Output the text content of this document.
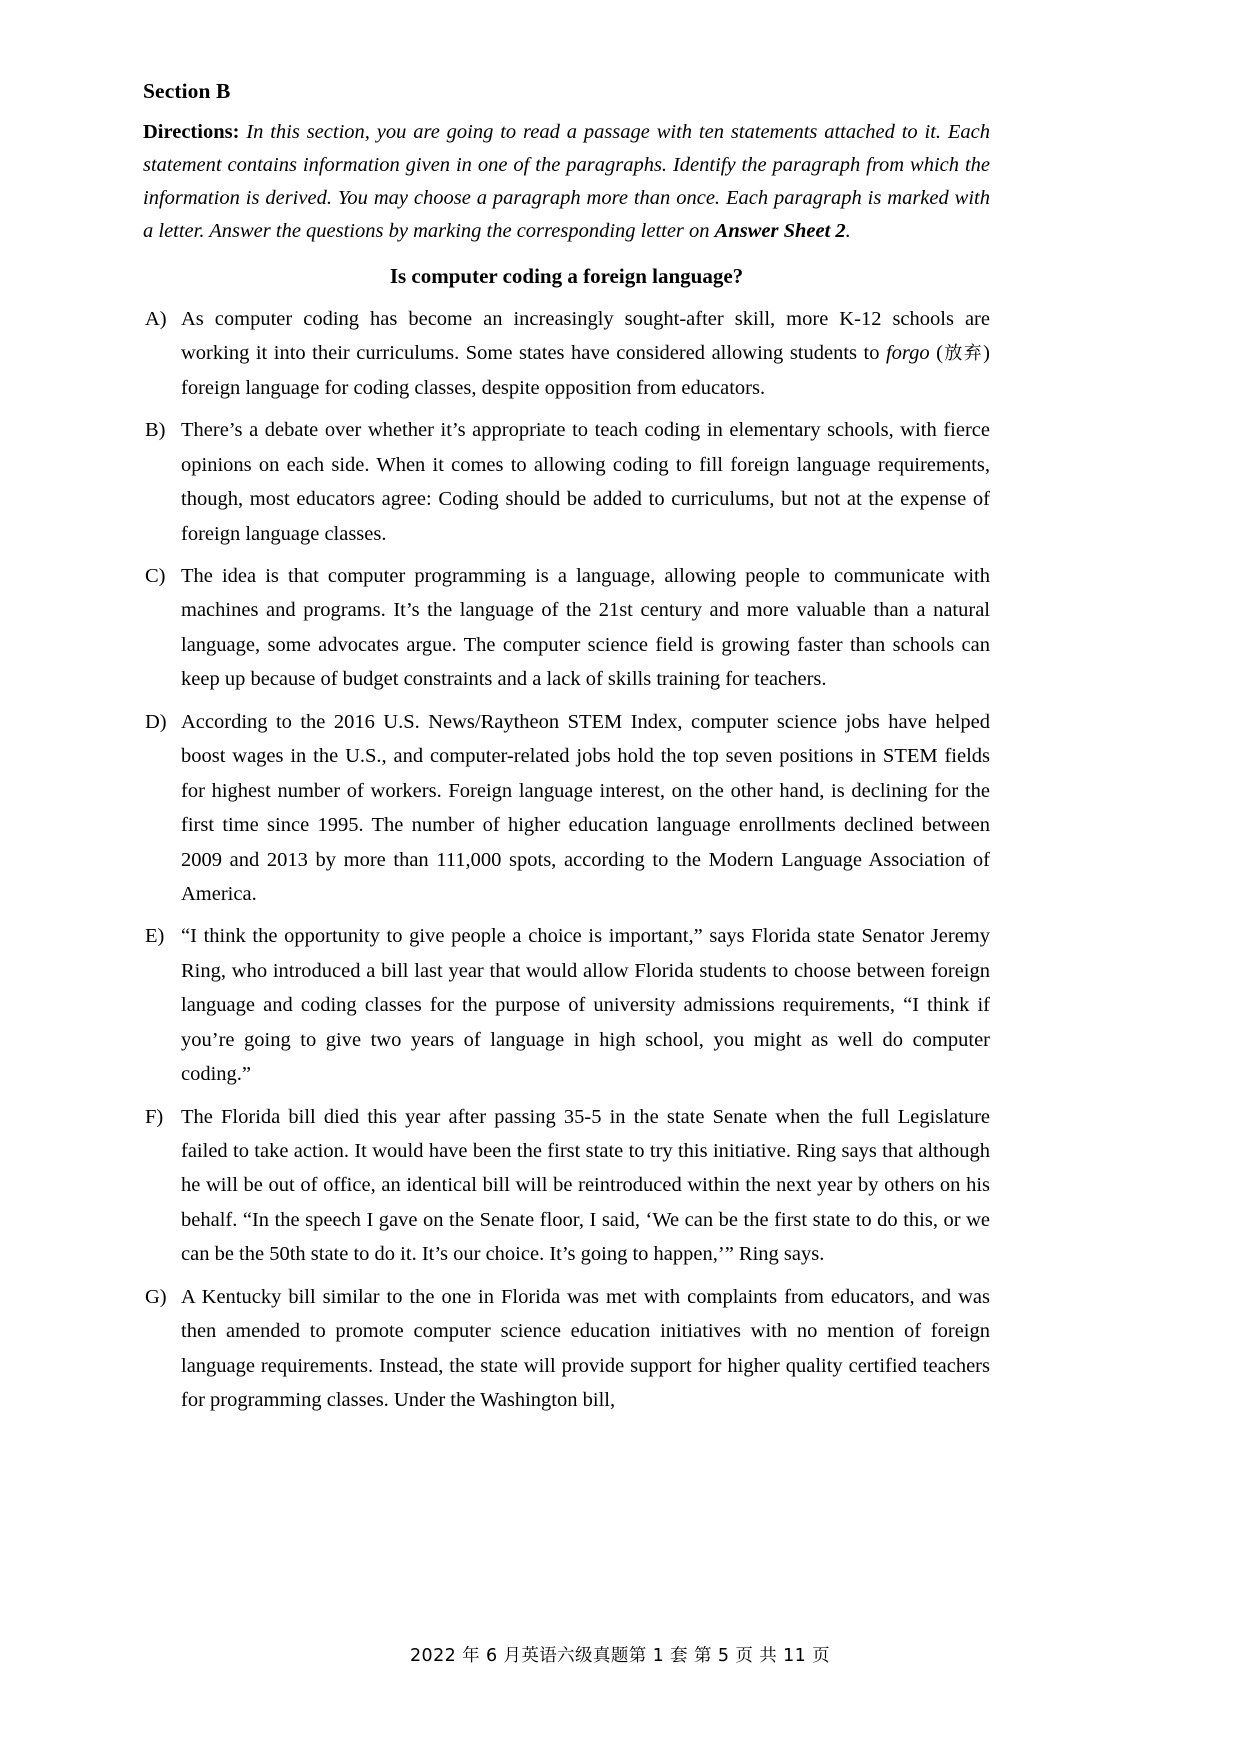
Section B

Directions: In this section, you are going to read a passage with ten statements attached to it. Each statement contains information given in one of the paragraphs. Identify the paragraph from which the information is derived. You may choose a paragraph more than once. Each paragraph is marked with a letter. Answer the questions by marking the corresponding letter on Answer Sheet 2.

Is computer coding a foreign language?
A) As computer coding has become an increasingly sought-after skill, more K-12 schools are working it into their curriculums. Some states have considered allowing students to forgo (放弃) foreign language for coding classes, despite opposition from educators.
B) There’s a debate over whether it’s appropriate to teach coding in elementary schools, with fierce opinions on each side. When it comes to allowing coding to fill foreign language requirements, though, most educators agree: Coding should be added to curriculums, but not at the expense of foreign language classes.
C) The idea is that computer programming is a language, allowing people to communicate with machines and programs. It’s the language of the 21st century and more valuable than a natural language, some advocates argue. The computer science field is growing faster than schools can keep up because of budget constraints and a lack of skills training for teachers.
D) According to the 2016 U.S. News/Raytheon STEM Index, computer science jobs have helped boost wages in the U.S., and computer-related jobs hold the top seven positions in STEM fields for highest number of workers. Foreign language interest, on the other hand, is declining for the first time since 1995. The number of higher education language enrollments declined between 2009 and 2013 by more than 111,000 spots, according to the Modern Language Association of America.
E) “I think the opportunity to give people a choice is important,” says Florida state Senator Jeremy Ring, who introduced a bill last year that would allow Florida students to choose between foreign language and coding classes for the purpose of university admissions requirements, “I think if you’re going to give two years of language in high school, you might as well do computer coding.”
F) The Florida bill died this year after passing 35-5 in the state Senate when the full Legislature failed to take action. It would have been the first state to try this initiative. Ring says that although he will be out of office, an identical bill will be reintroduced within the next year by others on his behalf. “In the speech I gave on the Senate floor, I said, ‘We can be the first state to do this, or we can be the 50th state to do it. It’s our choice. It’s going to happen,’” Ring says.
G) A Kentucky bill similar to the one in Florida was met with complaints from educators, and was then amended to promote computer science education initiatives with no mention of foreign language requirements. Instead, the state will provide support for higher quality certified teachers for programming classes. Under the Washington bill,
2022 年 6 月英语六级真题第 1 套 第 5 页 共 11 页
